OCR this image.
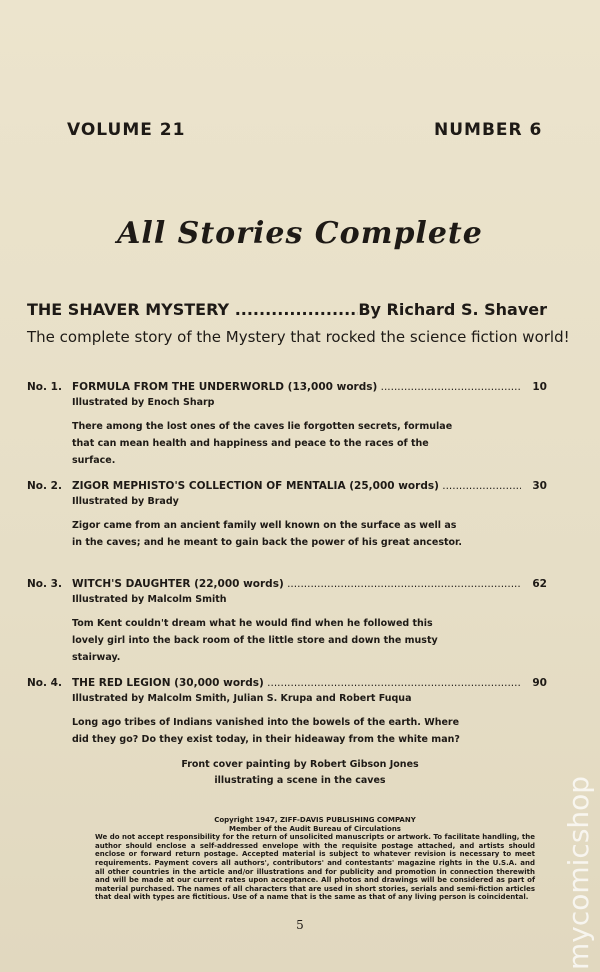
VOLUME 21	NUMBER 6
All Stories Complete
THE SHAVER MYSTERY .....	By Richard S. Shaver
The complete story of the Mystery that rocked the science fiction world!
No. 1. FORMULA FROM THE UNDERWORLD (13,000 words) .....	10
Illustrated by Enoch Sharp
There among the lost ones of the caves lie forgotten secrets, formulae that can mean health and happiness and peace to the races of the surface.
No. 2. ZIGOR MEPHISTO'S COLLECTION OF MENTALIA (25,000 words) .....	30
Illustrated by Brady
Zigor came from an ancient family well known on the surface as well as in the caves; and he meant to gain back the power of his great ancestor.
No. 3. WITCH'S DAUGHTER (22,000 words) .....	62
Illustrated by Malcolm Smith
Tom Kent couldn't dream what he would find when he followed this lovely girl into the back room of the little store and down the musty stairway.
No. 4. THE RED LEGION (30,000 words) .....	90
Illustrated by Malcolm Smith, Julian S. Krupa and Robert Fuqua
Long ago tribes of Indians vanished into the bowels of the earth. Where did they go? Do they exist today, in their hideaway from the white man?
Front cover painting by Robert Gibson Jones
illustrating a scene in the caves
Copyright 1947, ZIFF-DAVIS PUBLISHING COMPANY
Member of the Audit Bureau of Circulations
We do not accept responsibility for the return of unsolicited manuscripts or artwork. To facilitate handling, the author should enclose a self-addressed envelope with the requisite postage attached, and artists should enclose or forward return postage. Accepted material is subject to whatever revision is necessary to meet requirements. Payment covers all authors', contributors' and contestants' magazine rights in the U.S.A. and all other countries in the article and/or illustrations and for publicity and promotion in connection therewith and will be made at our current rates upon acceptance. All photos and drawings will be considered as part of material purchased. The names of all characters that are used in short stories, serials and semi-fiction articles that deal with types are fictitious. Use of a name that is the same as that of any living person is coincidental.
5	mycomicshop
